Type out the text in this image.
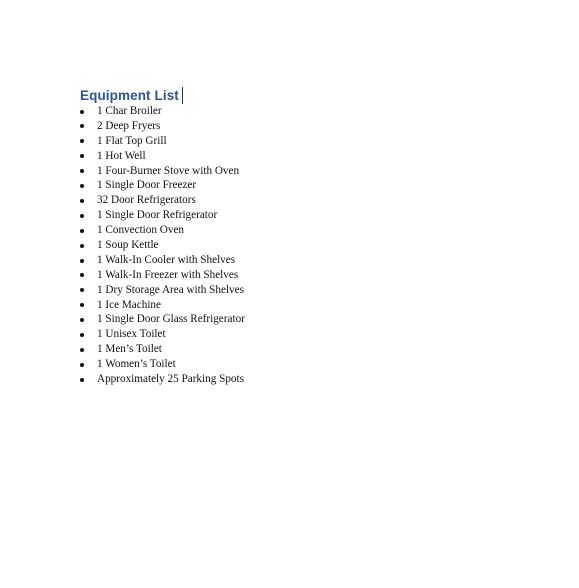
Equipment List
1 Char Broiler
2 Deep Fryers
1 Flat Top Grill
1 Hot Well
1 Four-Burner Stove with Oven
1 Single Door Freezer
32 Door Refrigerators
1 Single Door Refrigerator
1 Convection Oven
1 Soup Kettle
1 Walk-In Cooler with Shelves
1 Walk-In Freezer with Shelves
1 Dry Storage Area with Shelves
1 Ice Machine
1 Single Door Glass Refrigerator
1 Unisex Toilet
1 Men’s Toilet
1 Women’s Toilet
Approximately 25 Parking Spots
